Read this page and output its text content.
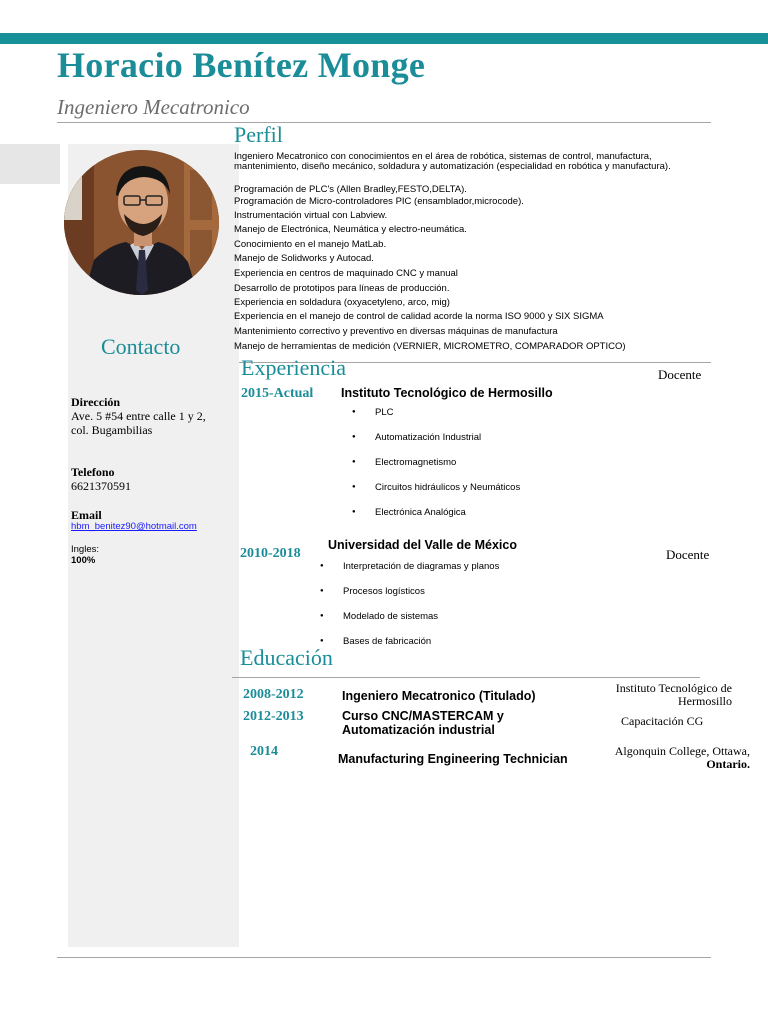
Horacio Benítez Monge
Ingeniero Mecatronico
Contacto
Dirección
Ave. 5 #54 entre calle 1 y 2,
col. Bugambilias
Telefono
6621370591
Email
hbm_benitez90@hotmail.com
Ingles:
100%
Perfil
Ingeniero Mecatronico con conocimientos en el área de robótica, sistemas de control, manufactura,
mantenimiento, diseño mecánico, soldadura y automatización (especialidad en robótica y manufactura).
Programación de PLC's (Allen Bradley,FESTO,DELTA).
Programación de Micro-controladores PIC (ensamblador,microcode).
Instrumentación virtual con Labview.
Manejo de Electrónica, Neumática y electro-neumática.
Conocimiento en el manejo MatLab.
Manejo de Solidworks y Autocad.
Experiencia en centros de maquinado CNC y manual
Desarrollo de prototipos para líneas de producción.
Experiencia en soldadura (oxyacetyleno, arco, mig)
Experiencia en el manejo de control de calidad acorde la norma ISO 9000 y SIX SIGMA
Mantenimiento correctivo y preventivo en diversas máquinas de manufactura
Manejo de herramientas de medición (VERNIER, MICROMETRO, COMPARADOR OPTICO)
Experiencia
2015-Actual Instituto Tecnológico de Hermosillo
Docente
● PLC
● Automatización Industrial
● Electromagnetismo
● Circuitos hidráulicos y Neumáticos
● Electrónica Analógica
2010-2018
Universidad del Valle de México
Docente
● Interpretación de diagramas y planos
● Procesos logísticos
● Modelado de sistemas
● Bases de fabricación
Educación
2008-2012	Ingeniero Mecatronico (Titulado)
Instituto Tecnológico de
Hermosillo
2012-2013	Curso CNC/MASTERCAM y
Automatización industrial
Capacitación CG
2014	Manufacturing Engineering Technician
Algonquin College, Ottawa,
Ontario.
